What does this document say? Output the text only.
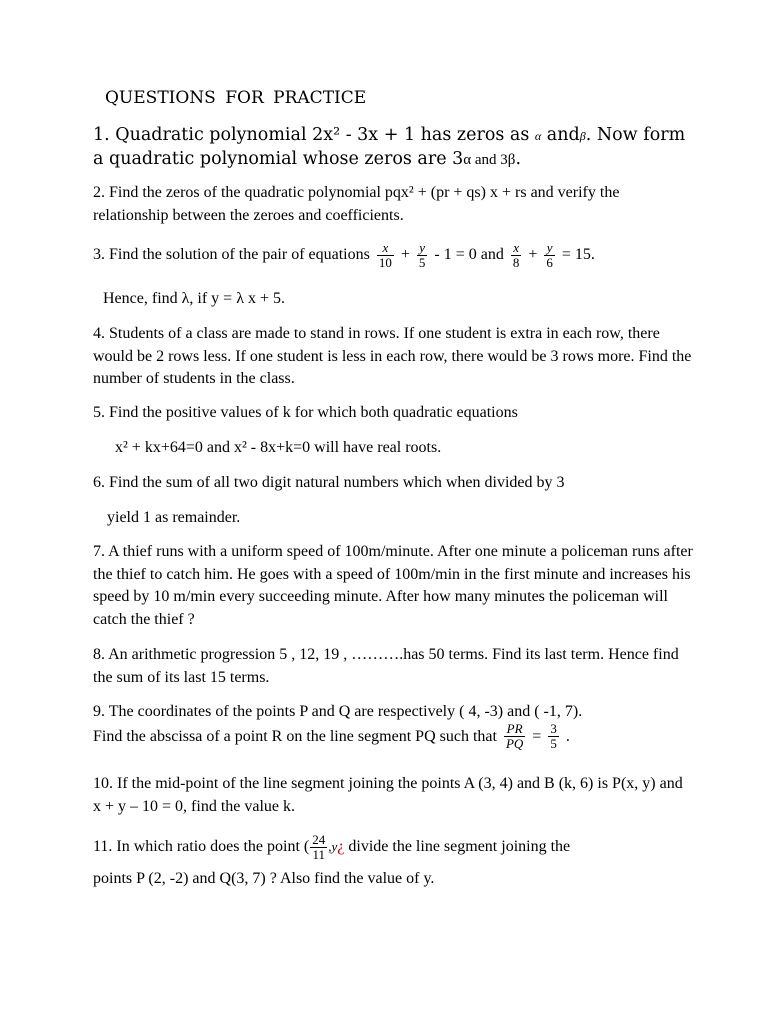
QUESTIONS FOR PRACTICE
1. Quadratic polynomial 2x² - 3x + 1 has zeros as α andβ. Now form a quadratic polynomial whose zeros are 3α and 3β.
2. Find the zeros of the quadratic polynomial pqx² + (pr + qs) x + rs and verify the relationship between the zeroes and coefficients.
3. Find the solution of the pair of equations $\frac{x}{10} + \frac{y}{5} - 1 = 0$ and $\frac{x}{8} + \frac{y}{6} = 15$.
Hence, find λ, if y = λ x + 5.
4. Students of a class are made to stand in rows. If one student is extra in each row, there would be 2 rows less. If one student is less in each row, there would be 3 rows more. Find the number of students in the class.
5. Find the positive values of k for which both quadratic equations
x² + kx+64=0 and x² - 8x+k=0 will have real roots.
6. Find the sum of all two digit natural numbers which when divided by 3
yield 1 as remainder.
7. A thief runs with a uniform speed of 100m/minute. After one minute a policeman runs after the thief to catch him. He goes with a speed of 100m/min in the first minute and increases his speed by 10 m/min every succeeding minute. After how many minutes the policeman will catch the thief ?
8. An arithmetic progression 5 , 12, 19 , ……….has 50 terms. Find its last term. Hence find the sum of its last 15 terms.
9. The coordinates of the points P and Q are respectively ( 4, -3) and ( -1, 7).
Find the abscissa of a point R on the line segment PQ such that $\frac{PR}{PQ} = \frac{3}{5}$ .
10. If the mid-point of the line segment joining the points A (3, 4) and B (k, 6) is P(x, y) and x + y – 10 = 0, find the value k.
11. In which ratio does the point ( $\frac{24}{11}$ ,y¿ divide the line segment joining the
points P (2, -2) and Q(3, 7) ? Also find the value of y.
